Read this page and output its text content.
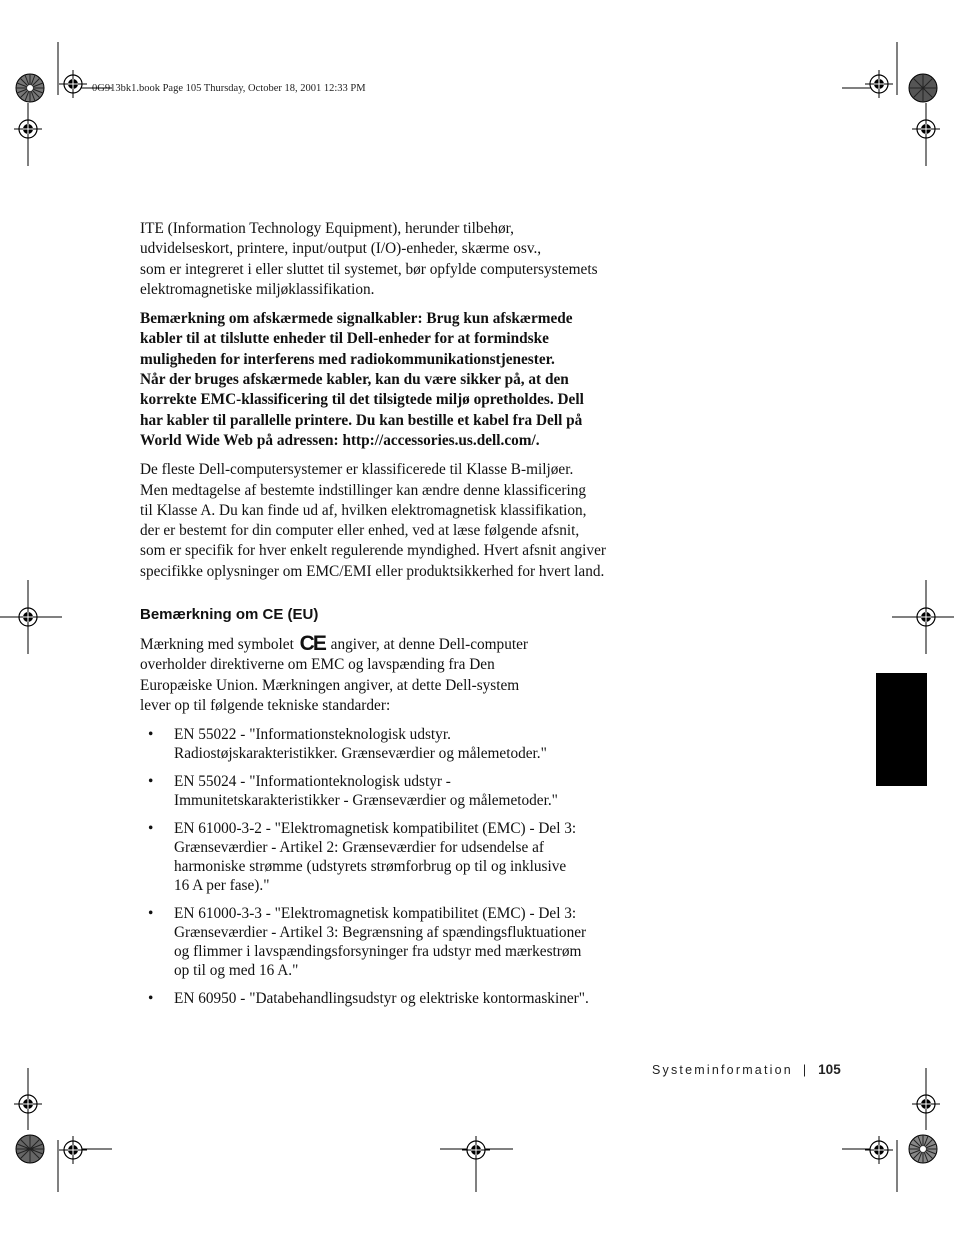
0G913bk1.book Page 105 Thursday, October 18, 2001 12:33 PM

ITE (Information Technology Equipment), herunder tilbehør,
udvidelseskort, printere, input/output (I/O)-enheder, skærme osv.,
som er integreret i eller sluttet til systemet, bør opfylde computersystemets
elektromagnetiske miljøklassifikation.

Bemærkning om afskærmede signalkabler: Brug kun afskærmede
kabler til at tilslutte enheder til Dell-enheder for at formindske
muligheden for interferens med radiokommunikationstjenester.
Når der bruges afskærmede kabler, kan du være sikker på, at den
korrekte EMC-klassificering til det tilsigtede miljø opretholdes. Dell
har kabler til parallelle printere. Du kan bestille et kabel fra Dell på
World Wide Web på adressen: http://accessories.us.dell.com/.

De fleste Dell-computersystemer er klassificerede til Klasse B-miljøer.
Men medtagelse af bestemte indstillinger kan ændre denne klassificering
til Klasse A. Du kan finde ud af, hvilken elektromagnetisk klassifikation,
der er bestemt for din computer eller enhed, ved at læse følgende afsnit,
som er specifik for hver enkelt regulerende myndighed. Hvert afsnit angiver
specifikke oplysninger om EMC/EMI eller produktsikkerhed for hvert land.

Bemærkning om CE (EU)

Mærkning med symbolet CE angiver, at denne Dell-computer
overholder direktiverne om EMC og lavspænding fra Den
Europæiske Union. Mærkningen angiver, at dette Dell-system
lever op til følgende tekniske standarder:

• EN 55022 - "Informationsteknologisk udstyr.
Radiostøjskarakteristikker. Grænseværdier og målemetoder."
• EN 55024 - "Informationteknologisk udstyr -
Immunitetskarakteristikker - Grænseværdier og målemetoder."
• EN 61000-3-2 - "Elektromagnetisk kompatibilitet (EMC) - Del 3:
Grænseværdier - Artikel 2: Grænseværdier for udsendelse af
harmoniske strømme (udstyrets strømforbrug op til og inklusive
16 A per fase)."
• EN 61000-3-3 - "Elektromagnetisk kompatibilitet (EMC) - Del 3:
Grænseværdier - Artikel 3: Begrænsning af spændingsfluktuationer
og flimmer i lavspændingsforsyninger fra udstyr med mærkestrøm
op til og med 16 A."
• EN 60950 - "Databehandlingsudstyr og elektriske kontormaskiner".
Systeminformation | 105
